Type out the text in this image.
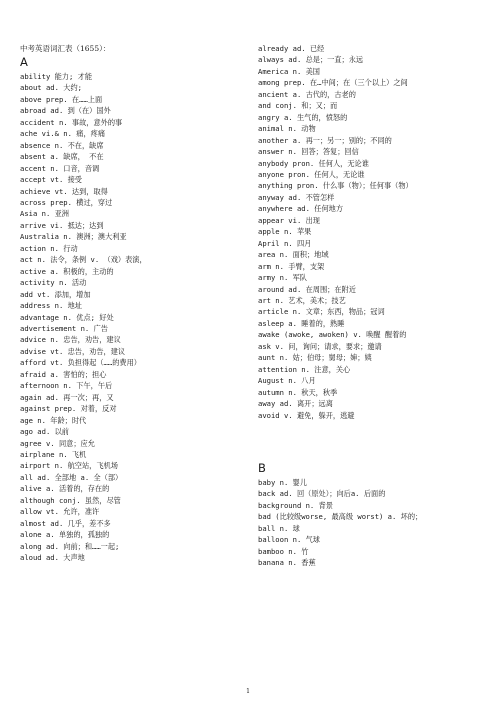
中考英语词汇表（1655）：
A
ability 能力; 才能
about ad. 大约;
above prep. 在……上面
abroad ad. 到（在）国外
accident n. 事故，意外的事
ache vi.& n. 痛，疼痛
absence n. 不在，缺席
absent a. 缺席， 不在
accent n. 口音，音调
accept vt. 接受
achieve vt. 达到，取得
across prep. 横过，穿过
Asia n. 亚洲
arrive vi. 抵达；达到
Australia n. 澳洲；澳大利亚
action n. 行动
act n. 法令，条例 v. （戏）表演，
active a. 积极的，主动的
activity n. 活动
add vt. 添加，增加
address n. 地址
advantage n. 优点; 好处
advertisement n. 广告
advice n. 忠告，劝告，建议
advise vt. 忠告，劝告，建议
afford vt. 负担得起（……的费用）
afraid a. 害怕的；担心
afternoon n. 下午，午后
again ad. 再一次；再，又
against prep. 对着，反对
age n. 年龄；时代
ago ad. 以前
agree v. 同意；应允
airplane n. 飞机
airport n. 航空站，飞机场
all ad. 全部地 a. 全（部）
alive a. 活着的，存在的
although conj. 虽然，尽管
allow vt. 允许，准许
almost ad. 几乎，差不多
alone a. 单独的，孤独的
along ad. 向前；和……一起;
aloud ad. 大声地
already ad. 已经
always ad. 总是；一直；永远
America n. 美国
among prep. 在…中间；在（三个以上）之间
ancient a. 古代的，古老的
and conj. 和；又；而
angry a. 生气的，愤怒的
animal n. 动物
another a. 再一；另一；别的；不同的
answer n. 回答；答复；回信
anybody pron. 任何人，无论谁
anyone pron. 任何人，无论谁
anything pron. 什么事（物）；任何事（物）
anyway ad. 不管怎样
anywhere ad. 任何地方
appear vi. 出现
apple n. 苹果
April n. 四月
area n. 面积；地域
arm n. 手臂，支架
army n. 军队
around ad. 在周围；在附近
art n. 艺术，美术；技艺
article n. 文章；东西，物品；冠词
asleep a. 睡着的，熟睡
awake (awoke, awoken) v. 唤醒 醒着的
ask v. 问，询问；请求，要求；邀请
aunt n. 姑；伯母；舅母；婶；姨
attention n. 注意，关心
August n. 八月
autumn n. 秋天，秋季
away ad. 离开；远离
avoid v. 避免，躲开，逃避
B
baby n. 婴儿
back ad. 回（原处）；向后a. 后面的
background n. 背景
bad (比较级worse, 最高级 worst) a. 坏的；
ball n. 球
balloon n. 气球
bamboo n. 竹
banana n. 香蕉
1
